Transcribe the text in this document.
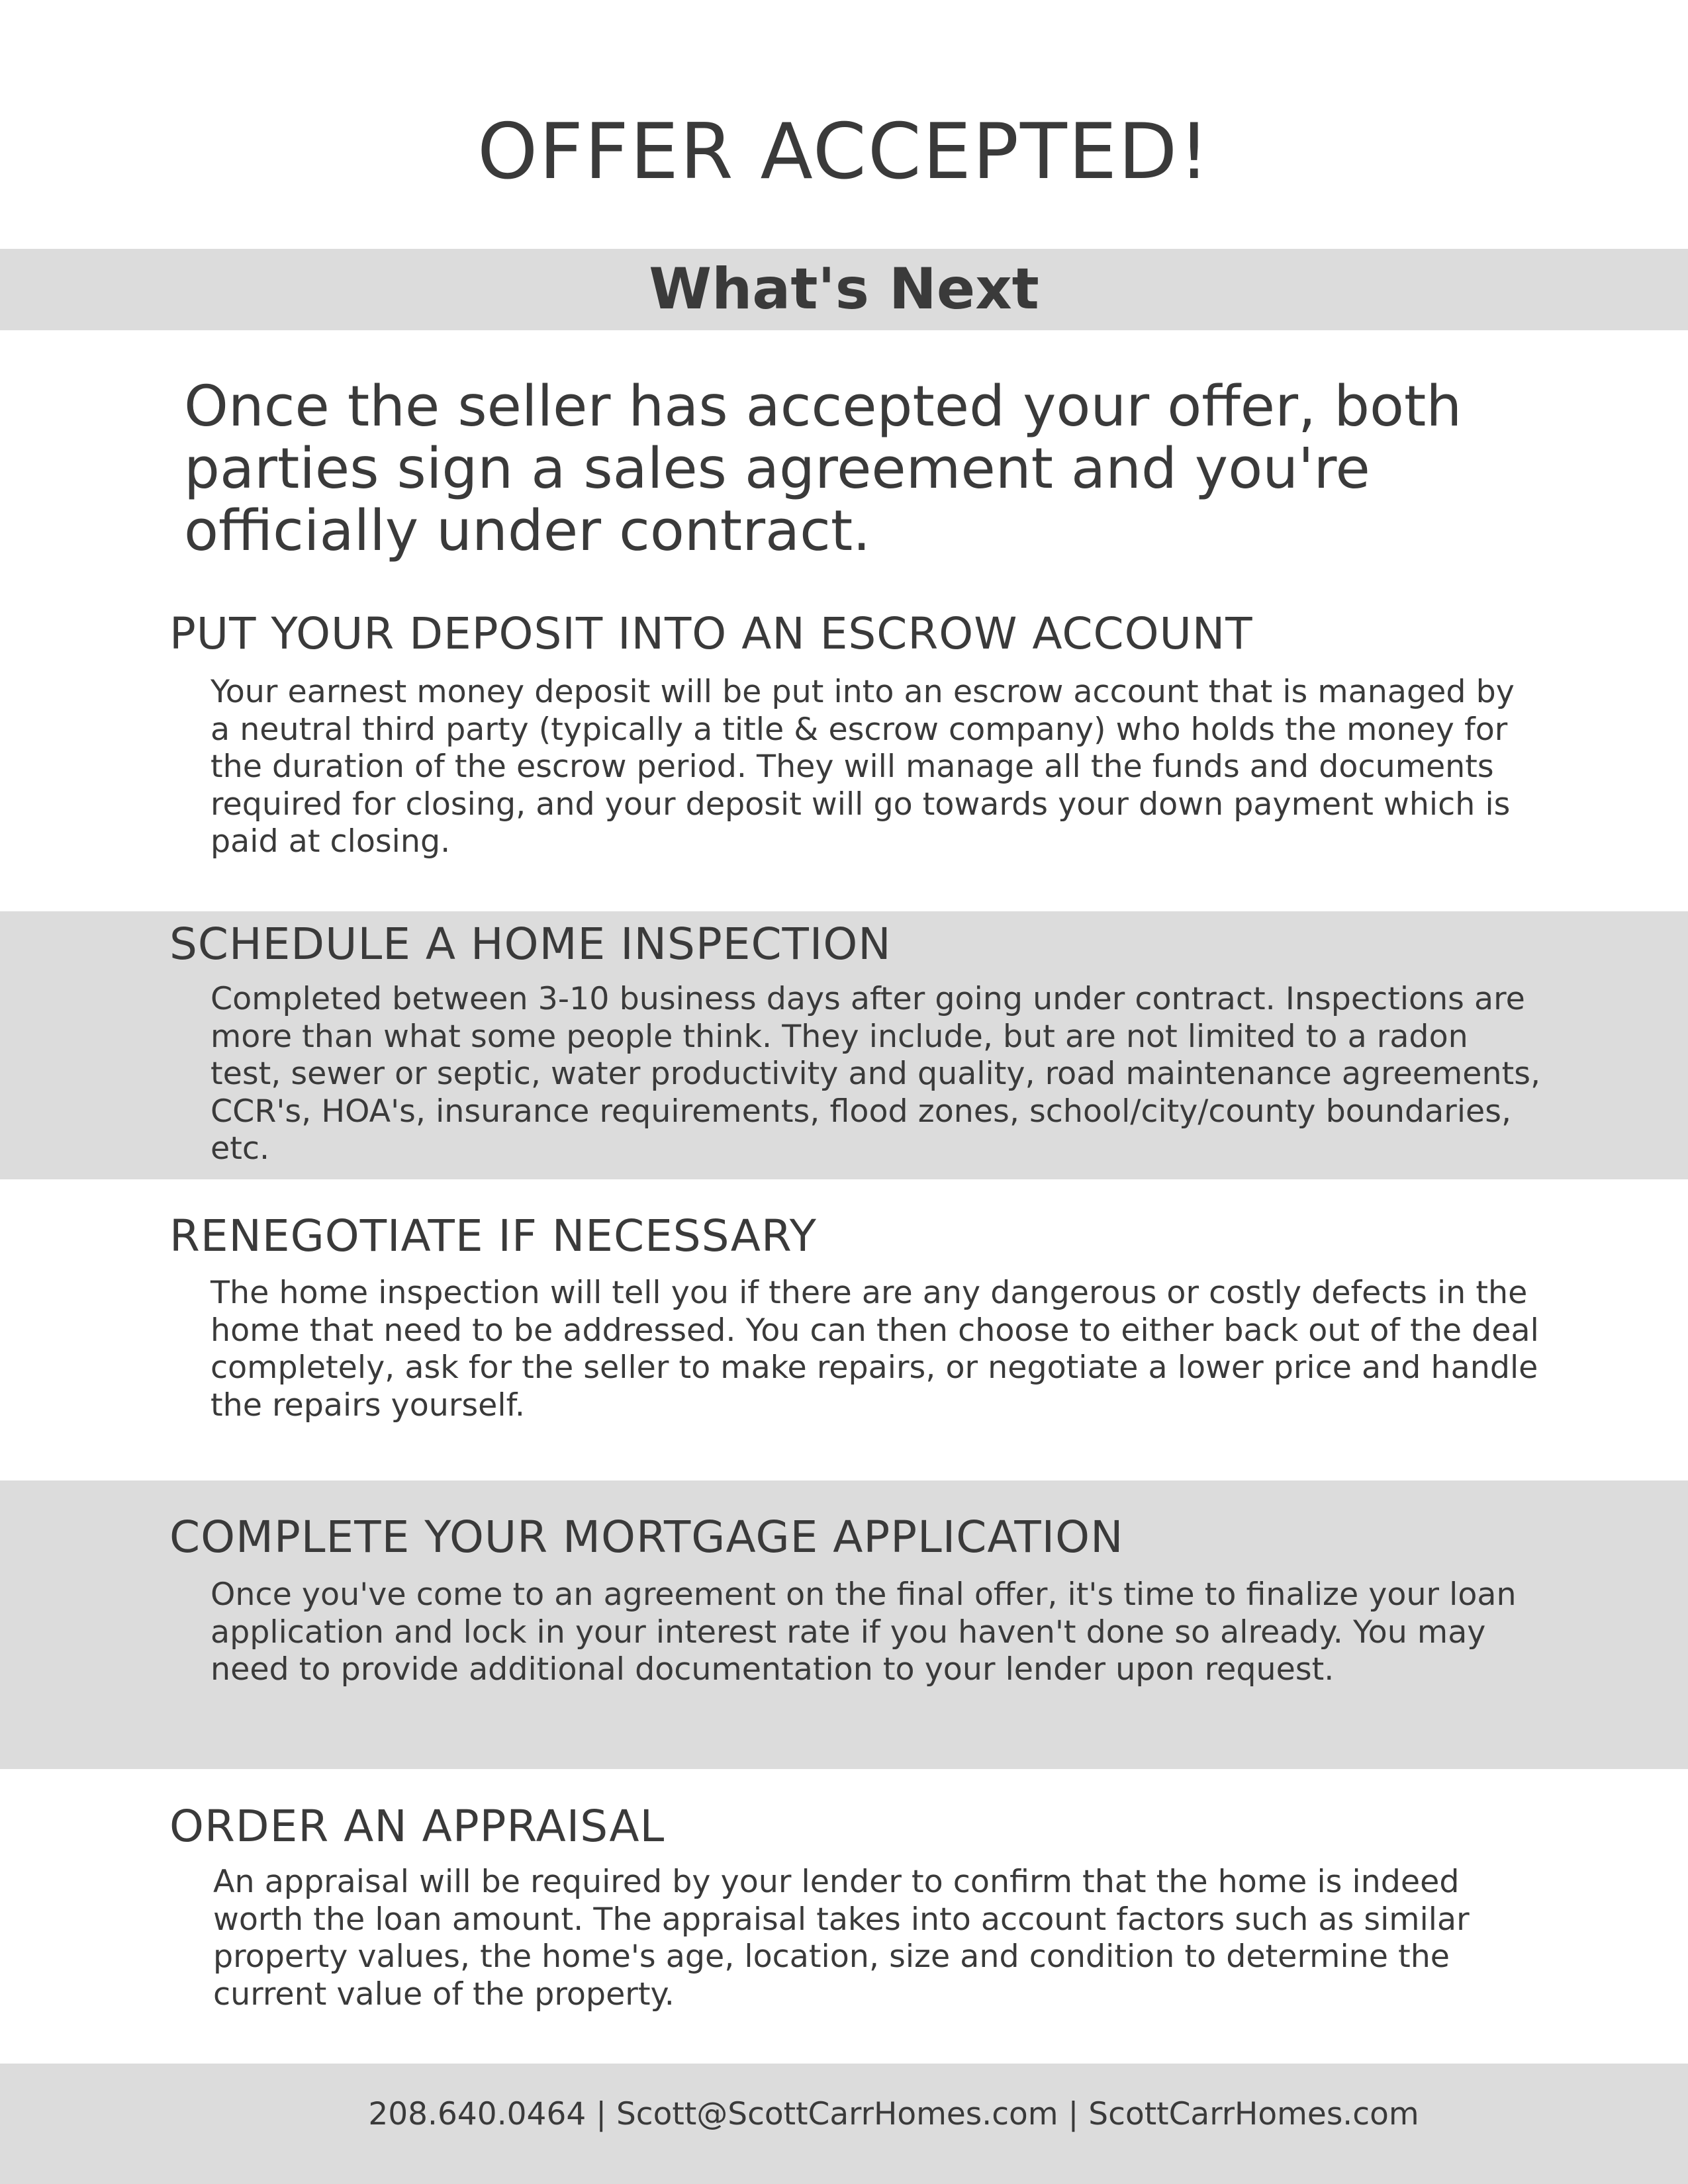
OFFER ACCEPTED!
What's Next

Once the seller has accepted your offer, both parties sign a sales agreement and you're officially under contract.

PUT YOUR DEPOSIT INTO AN ESCROW ACCOUNT

Your earnest money deposit will be put into an escrow account that is managed by a neutral third party (typically a title & escrow company) who holds the money for the duration of the escrow period. They will manage all the funds and documents required for closing, and your deposit will go towards your down payment which is paid at closing.

SCHEDULE A HOME INSPECTION

Completed between 3-10 business days after going under contract. Inspections are more than what some people think. They include, but are not limited to a radon test, sewer or septic, water productivity and quality, road maintenance agreements, CCR's, HOA's, insurance requirements, flood zones, school/city/county boundaries, etc.

RENEGOTIATE IF NECESSARY

The home inspection will tell you if there are any dangerous or costly defects in the home that need to be addressed. You can then choose to either back out of the deal completely, ask for the seller to make repairs, or negotiate a lower price and handle the repairs yourself.

COMPLETE YOUR MORTGAGE APPLICATION

Once you've come to an agreement on the final offer, it's time to finalize your loan application and lock in your interest rate if you haven't done so already. You may need to provide additional documentation to your lender upon request.

ORDER AN APPRAISAL

An appraisal will be required by your lender to confirm that the home is indeed worth the loan amount. The appraisal takes into account factors such as similar property values, the home's age, location, size and condition to determine the current value of the property.

208.640.0464 | Scott@ScottCarrHomes.com | ScottCarrHomes.com
